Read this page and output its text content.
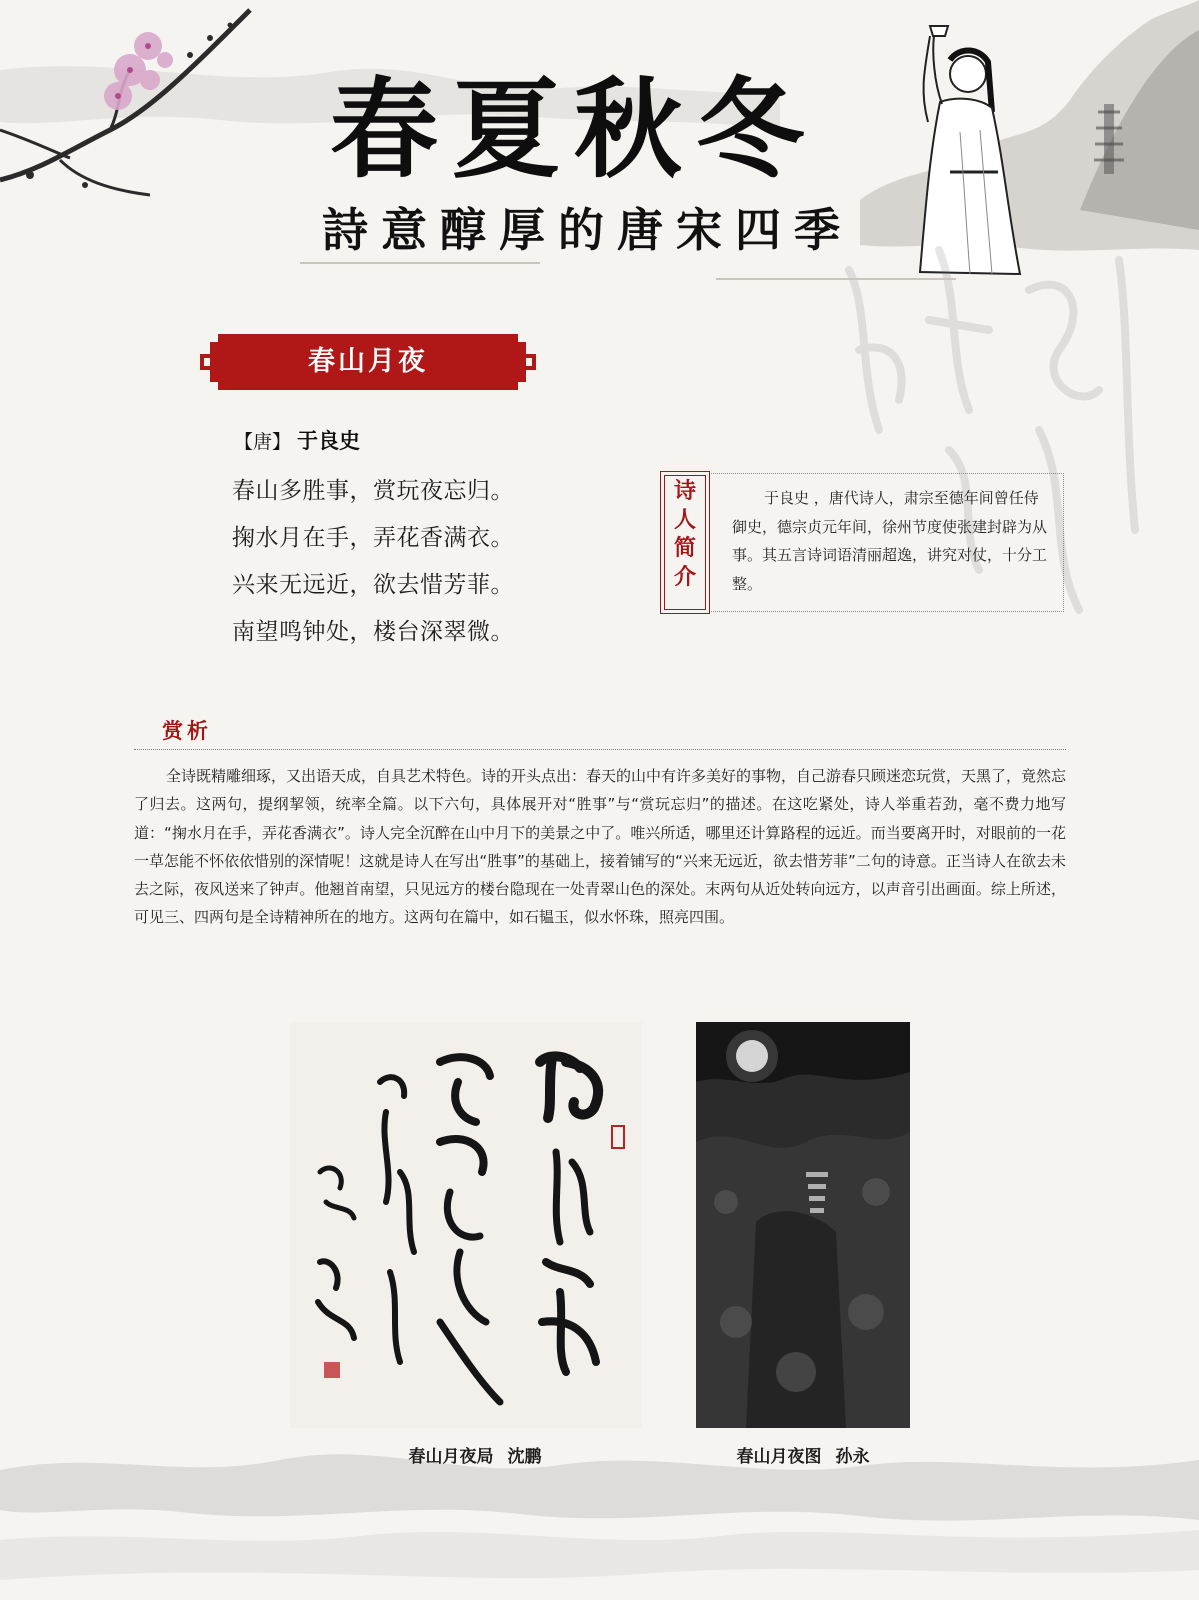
春夏秋冬
詩意醇厚的唐宋四季
春山月夜
【唐】 于良史
春山多胜事，赏玩夜忘归。
掬水月在手，弄花香满衣。
兴来无远近，欲去惜芳菲。
南望鸣钟处，楼台深翠微。
诗
人
简
介
于良史 ，唐代诗人，肃宗至德年间曾任侍御史，德宗贞元年间，徐州节度使张建封辟为从事。其五言诗词语清丽超逸，讲究对仗，十分工整。
赏析
全诗既精雕细琢，又出语天成，自具艺术特色。诗的开头点出：春天的山中有许多美好的事物，自己游春只顾迷恋玩赏，天黑了，竟然忘了归去。这两句，提纲挈领，统率全篇。以下六句，具体展开对“胜事”与“赏玩忘归”的描述。在这吃紧处，诗人举重若劲，毫不费力地写道：“掬水月在手，弄花香满衣”。诗人完全沉醉在山中月下的美景之中了。唯兴所适，哪里还计算路程的远近。而当要离开时，对眼前的一花一草怎能不怀依依惜别的深情呢！这就是诗人在写出“胜事”的基础上，接着铺写的“兴来无远近，欲去惜芳菲”二句的诗意。正当诗人在欲去未去之际，夜风送来了钟声。他翘首南望，只见远方的楼台隐现在一处青翠山色的深处。末两句从近处转向远方，以声音引出画面。综上所述，可见三、四两句是全诗精神所在的地方。这两句在篇中，如石韫玉，似水怀珠，照亮四围。
春山月夜局 沈鹏	春山月夜图 孙永
